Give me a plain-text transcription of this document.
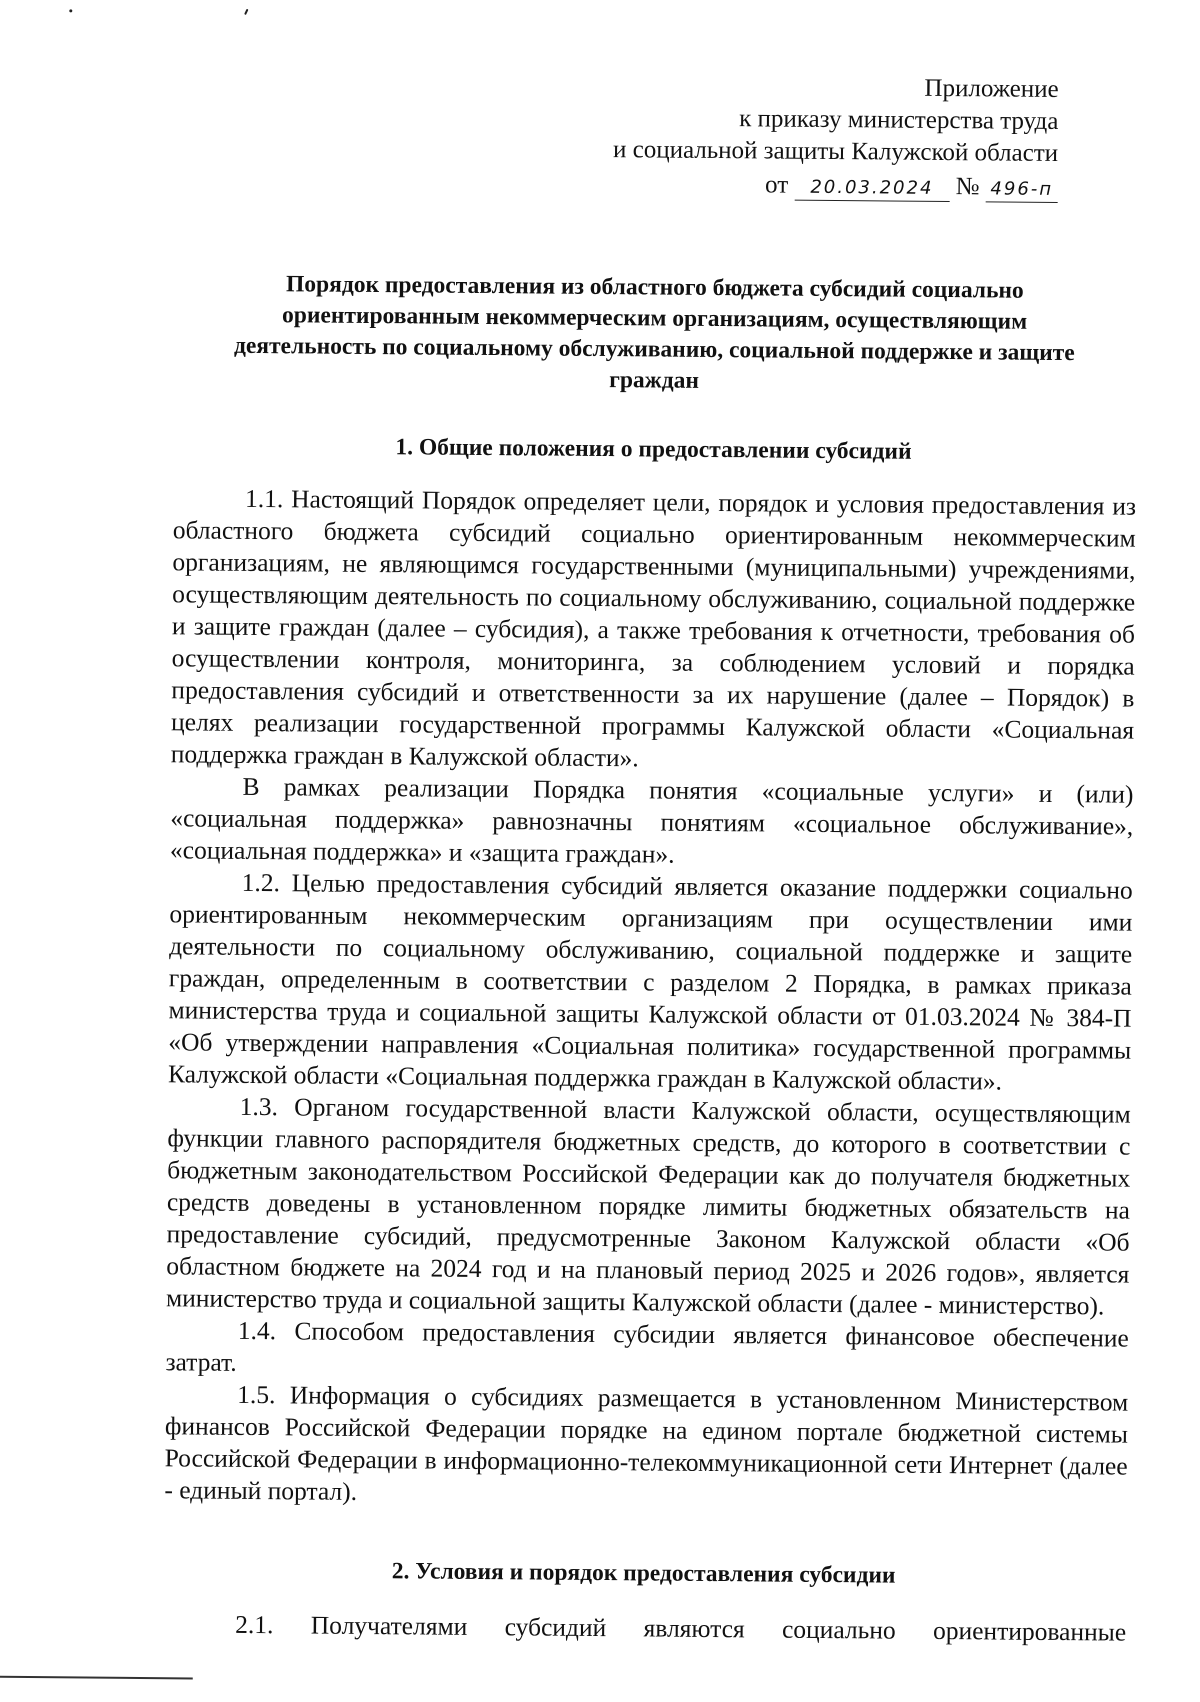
Приложение
к приказу министерства труда
и социальной защиты Калужской области
от 20.03.2024 № 496-п
Порядок предоставления из областного бюджета субсидий социально
ориентированным некоммерческим организациям, осуществляющим
деятельность по социальному обслуживанию, социальной поддержке и защите
граждан
1. Общие положения о предоставлении субсидий

1.1. Настоящий Порядок определяет цели, порядок и условия предоставления из областного бюджета субсидий социально ориентированным некоммерческим организациям, не являющимся государственными (муниципальными) учреждениями, осуществляющим деятельность по социальному обслуживанию, социальной поддержке и защите граждан (далее – субсидия), а также требования к отчетности, требования об осуществлении контроля, мониторинга, за соблюдением условий и порядка предоставления субсидий и ответственности за их нарушение (далее – Порядок) в целях реализации государственной программы Калужской области «Социальная поддержка граждан в Калужской области».

В рамках реализации Порядка понятия «социальные услуги» и (или) «социальная поддержка» равнозначны понятиям «социальное обслуживание», «социальная поддержка» и «защита граждан».

1.2. Целью предоставления субсидий является оказание поддержки социально ориентированным некоммерческим организациям при осуществлении ими деятельности по социальному обслуживанию, социальной поддержке и защите граждан, определенным в соответствии с разделом 2 Порядка, в рамках приказа министерства труда и социальной защиты Калужской области от 01.03.2024 № 384-П «Об утверждении направления «Социальная политика» государственной программы Калужской области «Социальная поддержка граждан в Калужской области».

1.3. Органом государственной власти Калужской области, осуществляющим функции главного распорядителя бюджетных средств, до которого в соответствии с бюджетным законодательством Российской Федерации как до получателя бюджетных средств доведены в установленном порядке лимиты бюджетных обязательств на предоставление субсидий, предусмотренные Законом Калужской области «Об областном бюджете на 2024 год и на плановый период 2025 и 2026 годов», является министерство труда и социальной защиты Калужской области (далее - министерство).

1.4. Способом предоставления субсидии является финансовое обеспечение затрат.

1.5. Информация о субсидиях размещается в установленном Министерством финансов Российской Федерации порядке на едином портале бюджетной системы Российской Федерации в информационно-телекоммуникационной сети Интернет (далее - единый портал).

2. Условия и порядок предоставления субсидии

2.1. Получателями субсидий являются социально ориентированные
